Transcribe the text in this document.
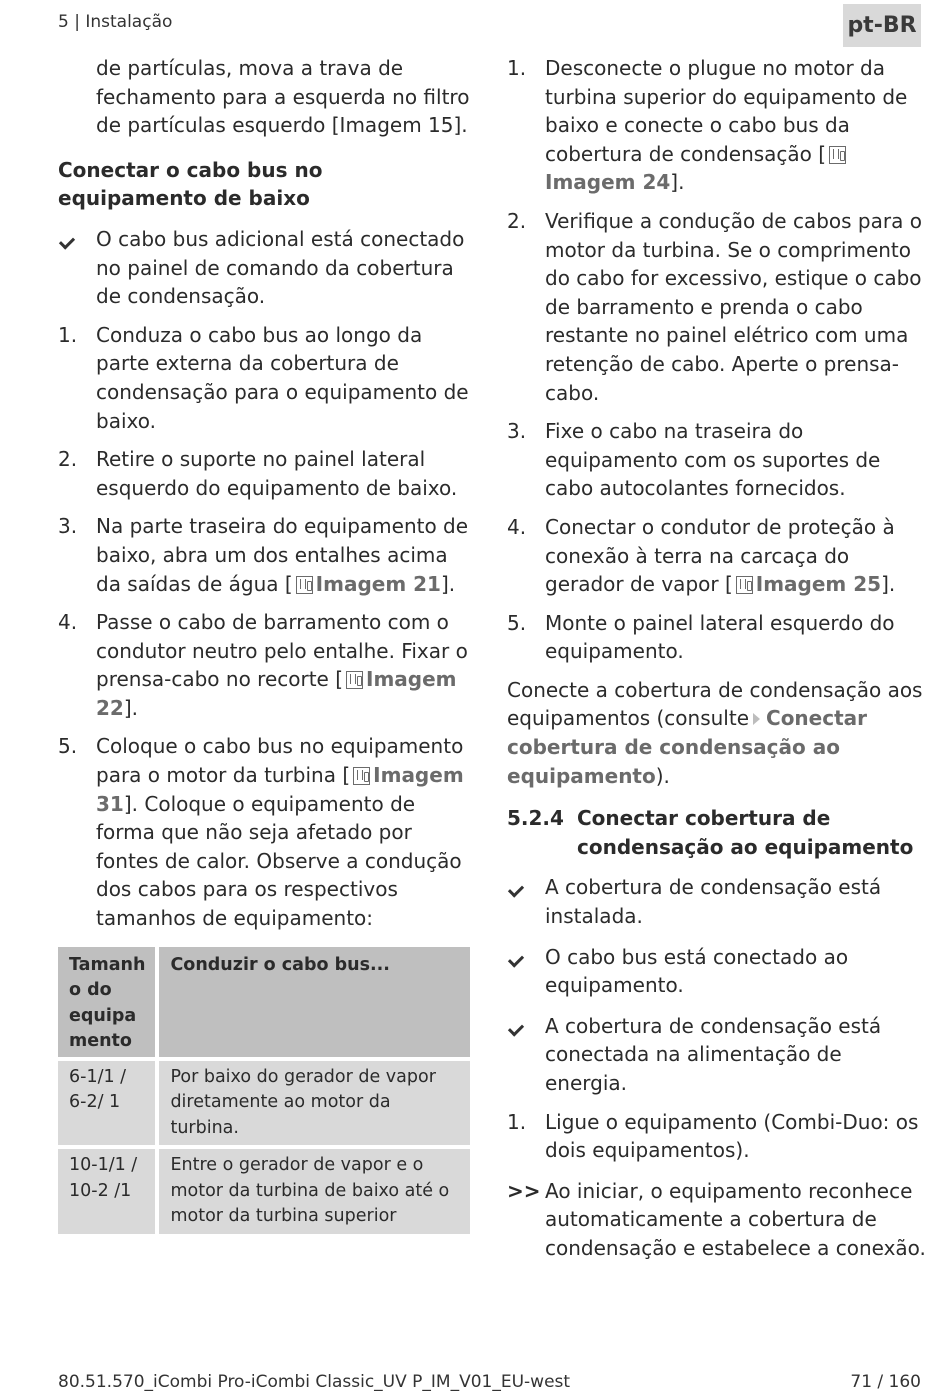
5 | Instalação	pt-BR

de partículas, mova a trava de fechamento para a esquerda no filtro de partículas esquerdo [Imagem 15].

Conectar o cabo bus no equipamento de baixo

O cabo bus adicional está conectado no painel de comando da cobertura de condensação.
1. Conduza o cabo bus ao longo da parte externa da cobertura de condensação para o equipamento de baixo.
2. Retire o suporte no painel lateral esquerdo do equipamento de baixo.
3. Na parte traseira do equipamento de baixo, abra um dos entalhes acima da saídas de água [ Imagem 21].
4. Passe o cabo de barramento com o condutor neutro pelo entalhe. Fixar o prensa-cabo no recorte [ Imagem 22].
5. Coloque o cabo bus no equipamento para o motor da turbina [ Imagem 31]. Coloque o equipamento de forma que não seja afetado por fontes de calor. Observe a condução dos cabos para os respectivos tamanhos de equipamento:
Tamanh o do equipa mento	Conduzir o cabo bus...
6-1/1 / 6-2/ 1	Por baixo do gerador de vapor diretamente ao motor da turbina.
10-1/1 / 10-2 /1	Entre o gerador de vapor e o motor da turbina de baixo até o motor da turbina superior
1. Desconecte o plugue no motor da turbina superior do equipamento de baixo e conecte o cabo bus da cobertura de condensação [Imagem 24].
2. Verifique a condução de cabos para o motor da turbina. Se o comprimento do cabo for excessivo, estique o cabo de barramento e prenda o cabo restante no painel elétrico com uma retenção de cabo. Aperte o prensa-cabo.
3. Fixe o cabo na traseira do equipamento com os suportes de cabo autocolantes fornecidos.
4. Conectar o condutor de proteção à conexão à terra na carcaça do gerador de vapor [ Imagem 25].
5. Monte o painel lateral esquerdo do equipamento.

Conecte a cobertura de condensação aos equipamentos (consulte Conectar cobertura de condensação ao equipamento).

5.2.4 Conectar cobertura de condensação ao equipamento
A cobertura de condensação está instalada.
O cabo bus está conectado ao equipamento.
A cobertura de condensação está conectada na alimentação de energia.
1. Ligue o equipamento (Combi-Duo: os dois equipamentos).
>> Ao iniciar, o equipamento reconhece automaticamente a cobertura de condensação e estabelece a conexão.
80.51.570_iCombi Pro-iCombi Classic_UV P_IM_V01_EU-west	71 / 160
